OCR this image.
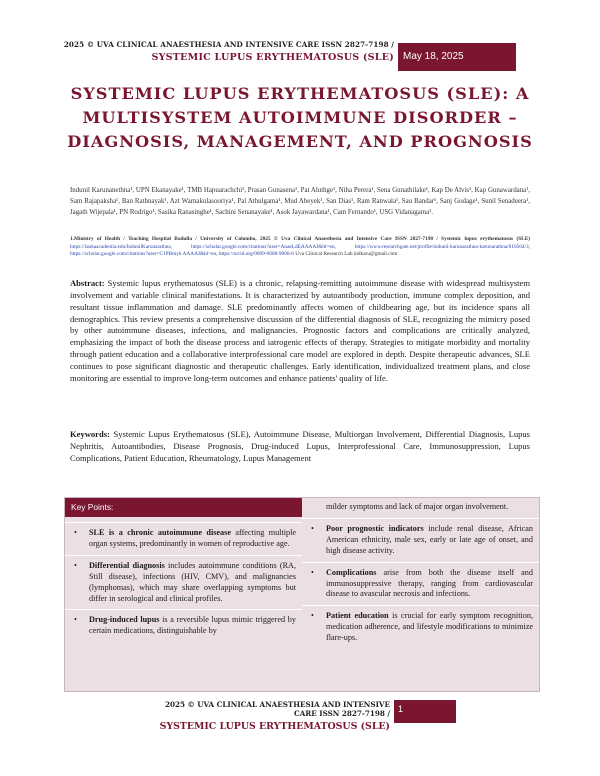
2025 © UVA CLINICAL ANAESTHESIA AND INTENSIVE CARE ISSN 2827-7198 /
SYSTEMIC LUPUS ERYTHEMATOSUS (SLE) May 18, 2025
SYSTEMIC LUPUS ERYTHEMATOSUS (SLE): A
MULTISYSTEM AUTOIMMUNE DISORDER –
DIAGNOSIS, MANAGEMENT, AND PROGNOSIS
Indunil Karunanethna¹, UPN Ekanayake¹, TMB Hapuarachchi¹, Prasan Gunasena¹, Pat Aluthge¹, Niha Perera¹, Sena Gunathilake¹, Kap De Alvis¹, Kap Gunawardana¹, Sam Rajapaksha¹, Ban Rathnayak¹, Azt Warnakulasooriya¹, Pal Athulgama¹, Mud Abeyek¹, San Dias¹, Ram Ranwala¹, Sau Bandar¹, Sanj Godage¹, Sunil Senadeera¹, Jagath Wijepala¹, PN Rodrigo¹, Sasika Ranasinghe¹, Sachini Senanayake¹, Asok Jayawardana¹, Cam Fernando¹, USG Vidanagama¹.
1.Ministry of Health / Teaching Hospital Badulla / University of Colombo, 2025 © Uva Clinical Anaesthesia and Intensive Care ISSN 2827-7198 / Systemic lupus erythematosus (SLE) https://lankaacademia.edu/IndunilKarunarathna, https://scholar.google.com/citations?user=AnaeLdEAAAAJ&hl=en, https://www.researchgate.net/profile/indunil-karunarathna-karunarathna/610564/3, https://scholar.google.com/citations?user=C1PBmyk AAAAJ&hl=en, https://orcid.org/0009-0008-9000-8 Uva Clinical Research Lab indkaru@gmail.com
Abstract: Systemic lupus erythematosus (SLE) is a chronic, relapsing-remitting autoimmune disease with widespread multisystem involvement and variable clinical manifestations. It is characterized by autoantibody production, immune complex deposition, and resultant tissue inflammation and damage. SLE predominantly affects women of childbearing age, but its incidence spans all demographics. This review presents a comprehensive discussion of the differential diagnosis of SLE, recognizing the mimicry posed by other autoimmune diseases, infections, and malignancies. Prognostic factors and complications are critically analyzed, emphasizing the impact of both the disease process and iatrogenic effects of therapy. Strategies to mitigate morbidity and mortality through patient education and a collaborative interprofessional care model are explored in depth. Despite therapeutic advances, SLE continues to pose significant diagnostic and therapeutic challenges. Early identification, individualized treatment plans, and close monitoring are essential to improve long-term outcomes and enhance patients' quality of life.
Keywords: Systemic Lupus Erythematosus (SLE), Autoimmune Disease, Multiorgan Involvement, Differential Diagnosis, Lupus Nephritis, Autoantibodies, Disease Prognosis, Drug-induced Lupus, Interprofessional Care, Immunosuppression, Lupus Complications, Patient Education, Rheumatology, Lupus Management
Key Points:
• SLE is a chronic autoimmune disease affecting multiple organ systems, predominantly in women of reproductive age.
• Differential diagnosis includes autoimmune conditions (RA, Still disease), infections (HIV, CMV), and malignancies (lymphomas), which may share overlapping symptoms but differ in serological and clinical profiles.
• Drug-induced lupus is a reversible lupus mimic triggered by certain medications, distinguishable by
milder symptoms and lack of major organ involvement.
• Poor prognostic indicators include renal disease, African American ethnicity, male sex, early or late age of onset, and high disease activity.
• Complications arise from both the disease itself and immunosuppressive therapy, ranging from cardiovascular disease to avascular necrosis and infections.
• Patient education is crucial for early symptom recognition, medication adherence, and lifestyle modifications to minimize flare-ups.
2025 © UVA CLINICAL ANAESTHESIA AND INTENSIVE CARE ISSN 2827-7198 /
SYSTEMIC LUPUS ERYTHEMATOSUS (SLE)
1
